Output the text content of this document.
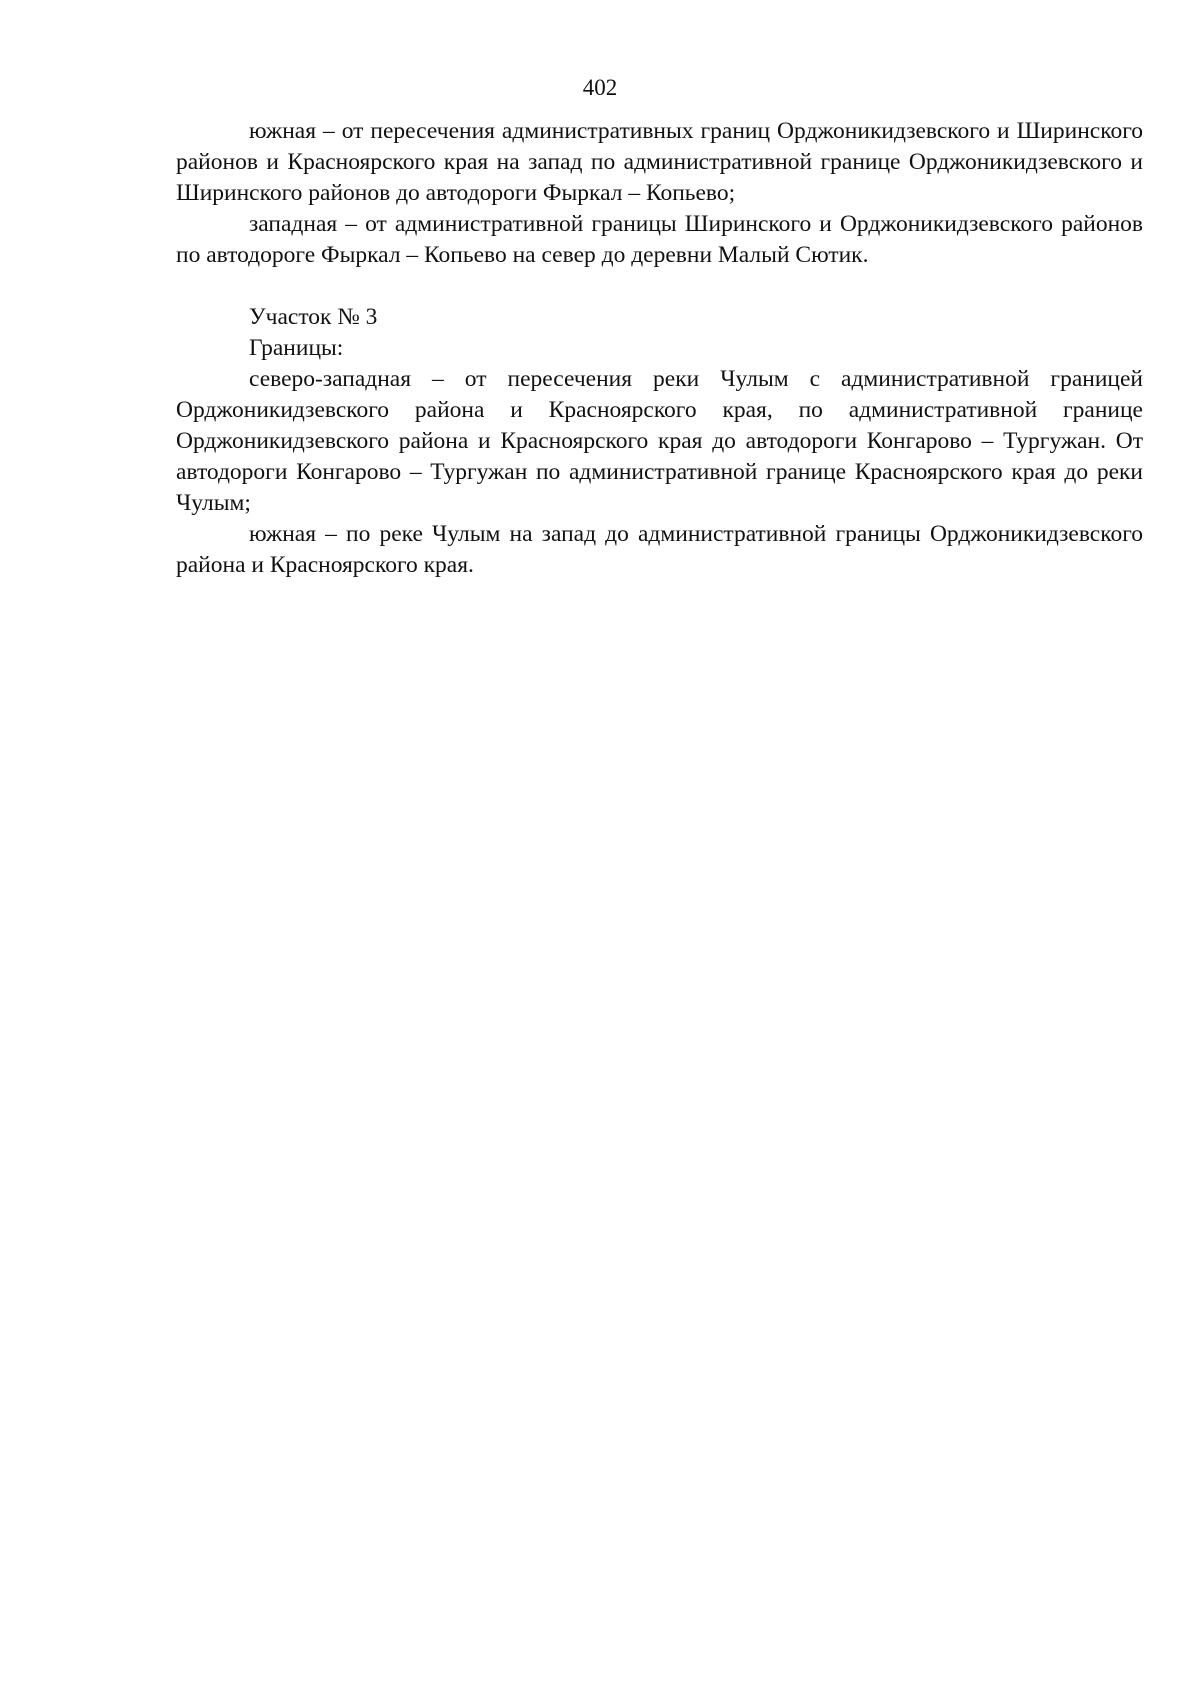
402

южная – от пересечения административных границ Орджоникидзевского и Ширинского районов и Красноярского края на запад по административной границе Орджоникидзевского и Ширинского районов до автодороги Фыркал – Копьево;

западная – от административной границы Ширинского и Орджоникидзевского районов по автодороге Фыркал – Копьево на север до деревни Малый Сютик.

Участок № 3

Границы:

северо-западная – от пересечения реки Чулым с административной границей Орджоникидзевского района и Красноярского края, по административной границе Орджоникидзевского района и Красноярского края до автодороги Конгарово – Тургужан. От автодороги Конгарово – Тургужан по административной границе Красноярского края до реки Чулым;

южная – по реке Чулым на запад до административной границы Орджоникидзевского района и Красноярского края.
